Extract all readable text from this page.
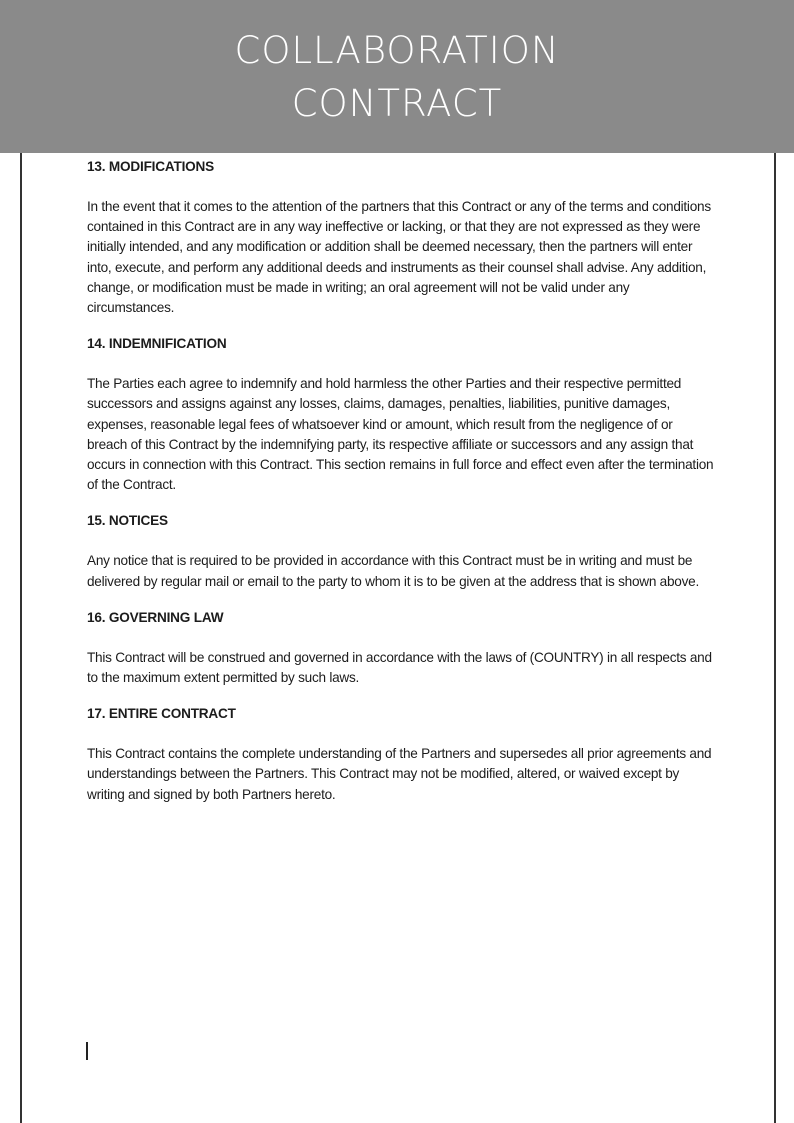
COLLABORATION
CONTRACT
13. MODIFICATIONS

In the event that it comes to the attention of the partners that this Contract or any of the terms and conditions contained in this Contract are in any way ineffective or lacking, or that they are not expressed as they were initially intended, and any modification or addition shall be deemed necessary, then the partners will enter into, execute, and perform any additional deeds and instruments as their counsel shall advise. Any addition, change, or modification must be made in writing; an oral agreement will not be valid under any circumstances.

14. INDEMNIFICATION

The Parties each agree to indemnify and hold harmless the other Parties and their respective permitted successors and assigns against any losses, claims, damages, penalties, liabilities, punitive damages, expenses, reasonable legal fees of whatsoever kind or amount, which result from the negligence of or breach of this Contract by the indemnifying party, its respective affiliate or successors and any assign that occurs in connection with this Contract. This section remains in full force and effect even after the termination of the Contract.

15. NOTICES

Any notice that is required to be provided in accordance with this Contract must be in writing and must be delivered by regular mail or email to the party to whom it is to be given at the address that is shown above.

16. GOVERNING LAW

This Contract will be construed and governed in accordance with the laws of (COUNTRY) in all respects and to the maximum extent permitted by such laws.

17. ENTIRE CONTRACT

This Contract contains the complete understanding of the Partners and supersedes all prior agreements and understandings between the Partners. This Contract may not be modified, altered, or waived except by writing and signed by both Partners hereto.
